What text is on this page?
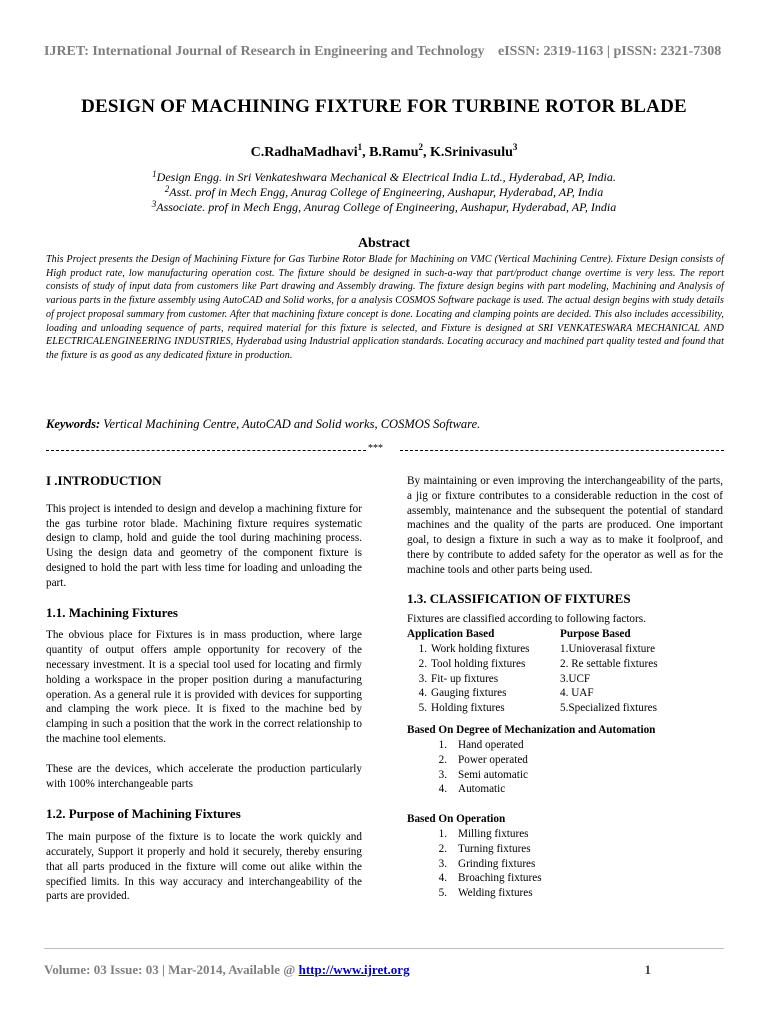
IJRET: International Journal of Research in Engineering and Technology eISSN: 2319-1163 | pISSN: 2321-7308
DESIGN OF MACHINING FIXTURE FOR TURBINE ROTOR BLADE
C.RadhaMadhavi$^1$, B.Ramu$^2$, K.Srinivasulu$^3$
$^1$Design Engg. in Sri Venkateshwara Mechanical & Electrical India L.td., Hyderabad, AP, India.
$^2$Asst. prof in Mech Engg, Anurag College of Engineering, Aushapur, Hyderabad, AP, India
$^3$Associate. prof in Mech Engg, Anurag College of Engineering, Aushapur, Hyderabad, AP, India
Abstract
This Project presents the Design of Machining Fixture for Gas Turbine Rotor Blade for Machining on VMC (Vertical Machining Centre). Fixture Design consists of High product rate, low manufacturing operation cost. The fixture should be designed in such-a-way that part/product change overtime is very less. The report consists of study of input data from customers like Part drawing and Assembly drawing. The fixture design begins with part modeling, Machining and Analysis of various parts in the fixture assembly using AutoCAD and Solid works, for a analysis COSMOS Software package is used. The actual design begins with study details of project proposal summary from customer. After that machining fixture concept is done. Locating and clamping points are decided. This also includes accessibility, loading and unloading sequence of parts, required material for this fixture is selected, and Fixture is designed at SRI VENKATESWARA MECHANICAL AND ELECTRICALENGINEERING INDUSTRIES, Hyderabad using Industrial application standards. Locating accuracy and machined part quality tested and found that the fixture is as good as any dedicated fixture in production.
Keywords: Vertical Machining Centre, AutoCAD and Solid works, COSMOS Software.
***
I .INTRODUCTION

This project is intended to design and develop a machining fixture for the gas turbine rotor blade. Machining fixture requires systematic design to clamp, hold and guide the tool during machining process. Using the design data and geometry of the component fixture is designed to hold the part with less time for loading and unloading the part.

1.1. Machining Fixtures

The obvious place for Fixtures is in mass production, where large quantity of output offers ample opportunity for recovery of the necessary investment. It is a special tool used for locating and firmly holding a workspace in the proper position during a manufacturing operation. As a general rule it is provided with devices for supporting and clamping the work piece. It is fixed to the machine bed by clamping in such a position that the work in the correct relationship to the machine tool elements.

These are the devices, which accelerate the production particularly with 100% interchangeable parts

1.2. Purpose of Machining Fixtures

The main purpose of the fixture is to locate the work quickly and accurately, Support it properly and hold it securely, thereby ensuring that all parts produced in the fixture will come out alike within the specified limits. In this way accuracy and interchangeability of the parts are provided.

By maintaining or even improving the interchangeability of the parts, a jig or fixture contributes to a considerable reduction in the cost of assembly, maintenance and the subsequent the potential of standard machines and the quality of the parts are produced. One important goal, to design a fixture in such a way as to make it foolproof, and there by contribute to added safety for the operator as well as for the machine tools and other parts being used.

1.3. CLASSIFICATION OF FIXTURES

Fixtures are classified according to following factors.

Application Based
1. Work holding fixtures
2. Tool holding fixtures
3. Fit- up fixtures
4. Gauging fixtures
5. Holding fixtures
Purpose Based
1.Unioverasal fixture
2. Re settable fixtures
3.UCF
4. UAF
5.Specialized fixtures
Based On Degree of Mechanization and Automation
1. Hand operated
2. Power operated
3. Semi automatic
4. Automatic
Based On Operation
1. Milling fixtures
2. Turning fixtures
3. Grinding fixtures
4. Broaching fixtures
5. Welding fixtures
Volume: 03 Issue: 03 | Mar-2014, Available @ http://www.ijret.org	1
